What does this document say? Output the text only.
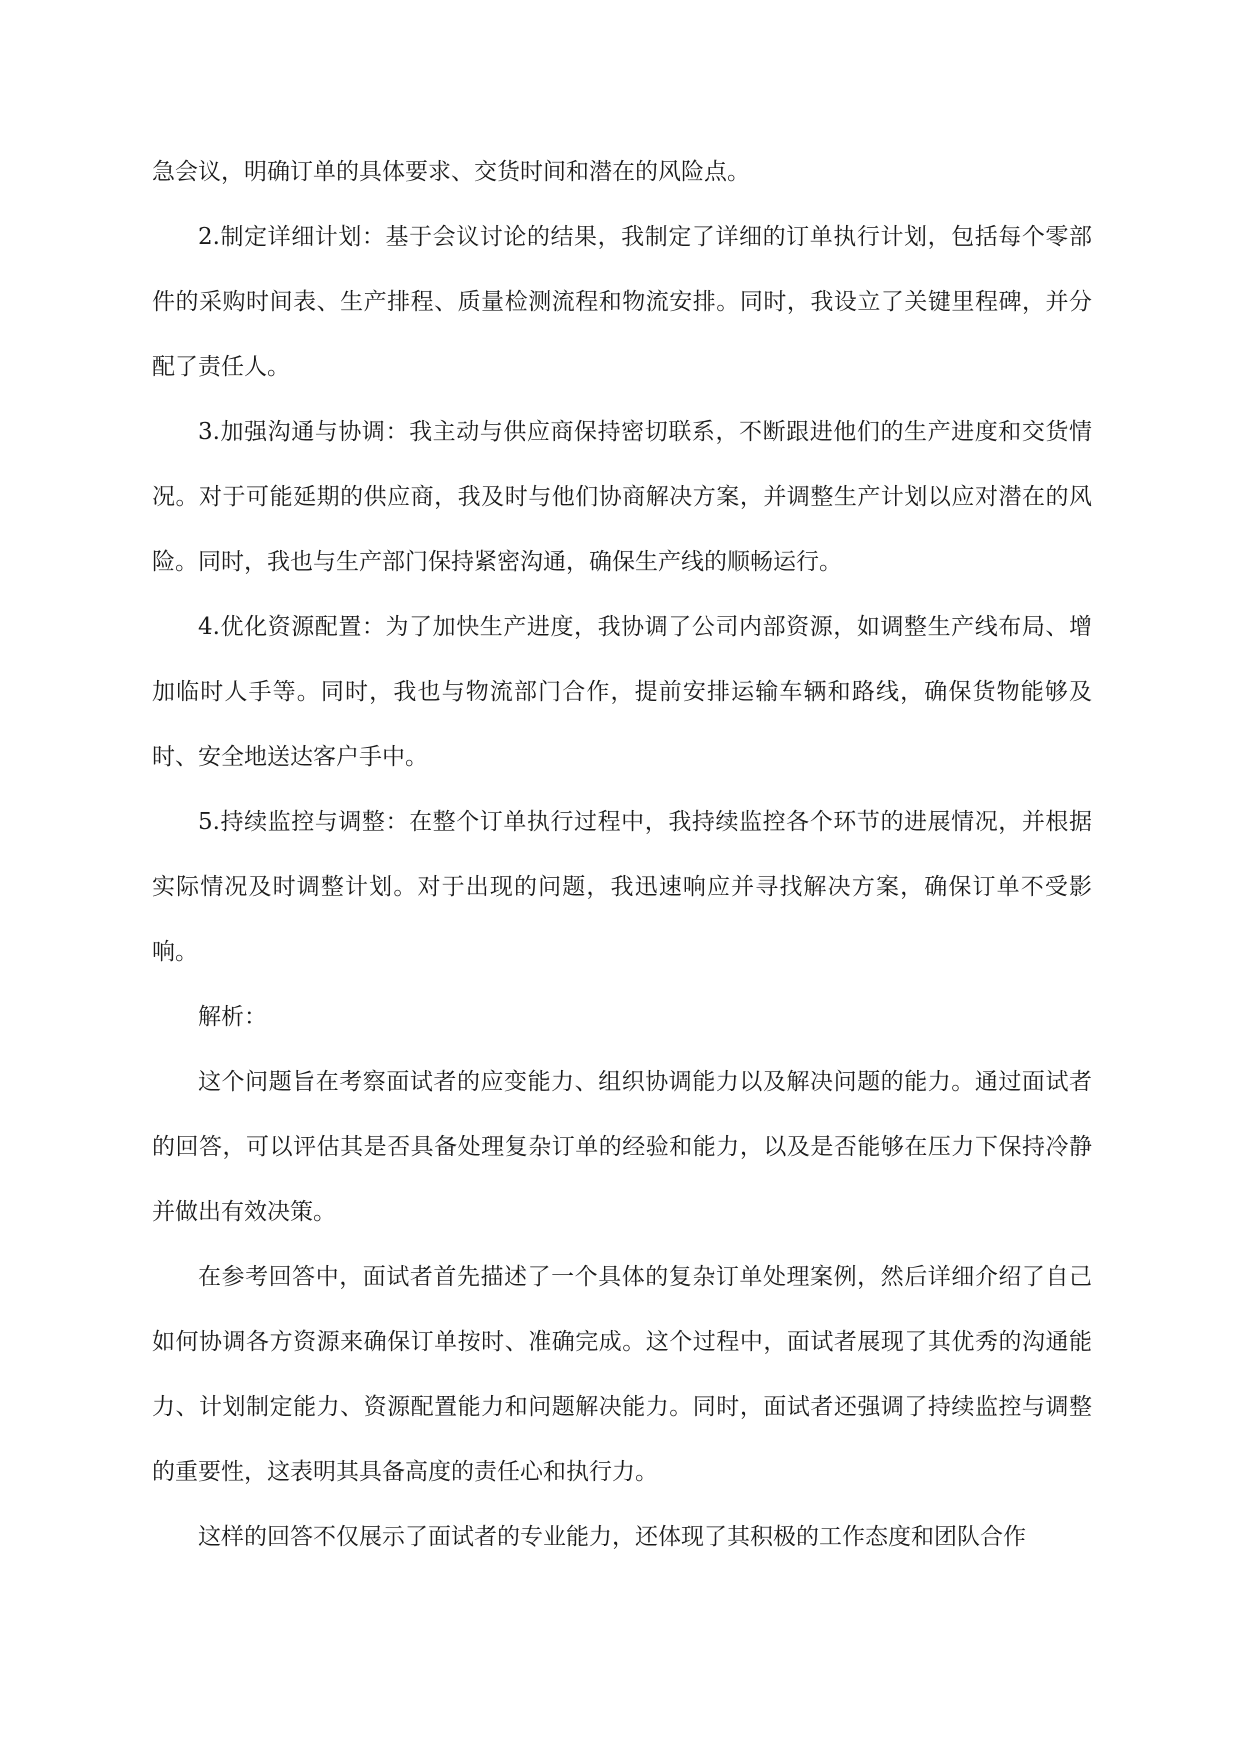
急会议，明确订单的具体要求、交货时间和潜在的风险点。

2.制定详细计划：基于会议讨论的结果，我制定了详细的订单执行计划，包括每个零部件的采购时间表、生产排程、质量检测流程和物流安排。同时，我设立了关键里程碑，并分配了责任人。

3.加强沟通与协调：我主动与供应商保持密切联系，不断跟进他们的生产进度和交货情况。对于可能延期的供应商，我及时与他们协商解决方案，并调整生产计划以应对潜在的风险。同时，我也与生产部门保持紧密沟通，确保生产线的顺畅运行。

4.优化资源配置：为了加快生产进度，我协调了公司内部资源，如调整生产线布局、增加临时人手等。同时，我也与物流部门合作，提前安排运输车辆和路线，确保货物能够及时、安全地送达客户手中。

5.持续监控与调整：在整个订单执行过程中，我持续监控各个环节的进展情况，并根据实际情况及时调整计划。对于出现的问题，我迅速响应并寻找解决方案，确保订单不受影响。

解析：

这个问题旨在考察面试者的应变能力、组织协调能力以及解决问题的能力。通过面试者的回答，可以评估其是否具备处理复杂订单的经验和能力，以及是否能够在压力下保持冷静并做出有效决策。

在参考回答中，面试者首先描述了一个具体的复杂订单处理案例，然后详细介绍了自己如何协调各方资源来确保订单按时、准确完成。这个过程中，面试者展现了其优秀的沟通能力、计划制定能力、资源配置能力和问题解决能力。同时，面试者还强调了持续监控与调整的重要性，这表明其具备高度的责任心和执行力。

这样的回答不仅展示了面试者的专业能力，还体现了其积极的工作态度和团队合作
